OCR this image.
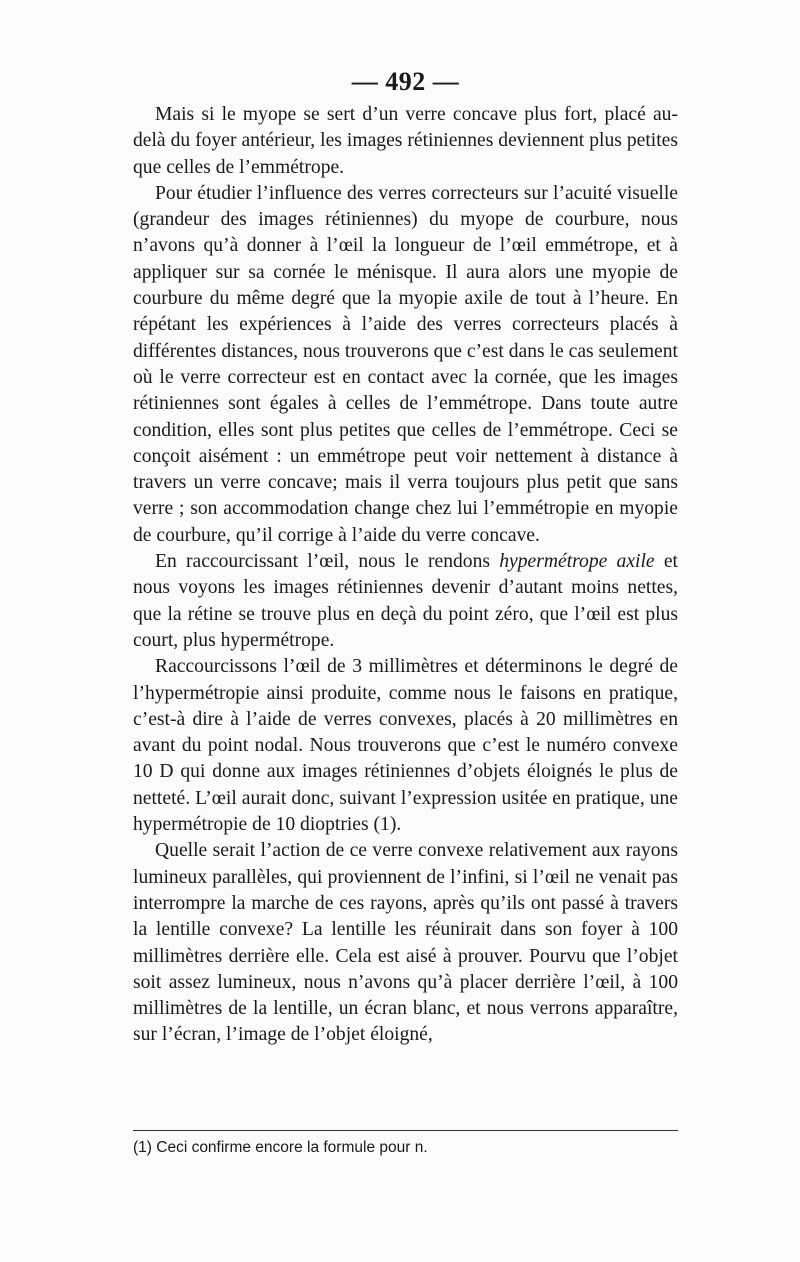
— 492 —

Mais si le myope se sert d’un verre concave plus fort, placé au-delà du foyer antérieur, les images rétiniennes deviennent plus petites que celles de l’emmétrope.

Pour étudier l’influence des verres correcteurs sur l’acuité visuelle (grandeur des images rétiniennes) du myope de courbure, nous n’avons qu’à donner à l’œil la longueur de l’œil emmétrope, et à appliquer sur sa cornée le ménisque. Il aura alors une myopie de courbure du même degré que la myopie axile de tout à l’heure. En répétant les expériences à l’aide des verres correcteurs placés à différentes distances, nous trouverons que c’est dans le cas seulement où le verre correcteur est en contact avec la cornée, que les images rétiniennes sont égales à celles de l’emmétrope. Dans toute autre condition, elles sont plus petites que celles de l’emmétrope. Ceci se conçoit aisément : un emmétrope peut voir nettement à distance à travers un verre concave; mais il verra toujours plus petit que sans verre ; son accommodation change chez lui l’emmétropie en myopie de courbure, qu’il corrige à l’aide du verre concave.

En raccourcissant l’œil, nous le rendons hypermétrope axile et nous voyons les images rétiniennes devenir d’autant moins nettes, que la rétine se trouve plus en deçà du point zéro, que l’œil est plus court, plus hypermétrope.

Raccourcissons l’œil de 3 millimètres et déterminons le degré de l’hypermétropie ainsi produite, comme nous le faisons en pratique, c’est-à dire à l’aide de verres convexes, placés à 20 millimètres en avant du point nodal. Nous trouverons que c’est le numéro convexe 10 D qui donne aux images rétiniennes d’objets éloignés le plus de netteté. L’œil aurait donc, suivant l’expression usitée en pratique, une hypermétropie de 10 dioptries (1).

Quelle serait l’action de ce verre convexe relativement aux rayons lumineux parallèles, qui proviennent de l’infini, si l’œil ne venait pas interrompre la marche de ces rayons, après qu’ils ont passé à travers la lentille convexe? La lentille les réunirait dans son foyer à 100 millimètres derrière elle. Cela est aisé à prouver. Pourvu que l’objet soit assez lumineux, nous n’avons qu’à placer derrière l’œil, à 100 millimètres de la lentille, un écran blanc, et nous verrons apparaître, sur l’écran, l’image de l’objet éloigné,

(1) Ceci confirme encore la formule pour n.
